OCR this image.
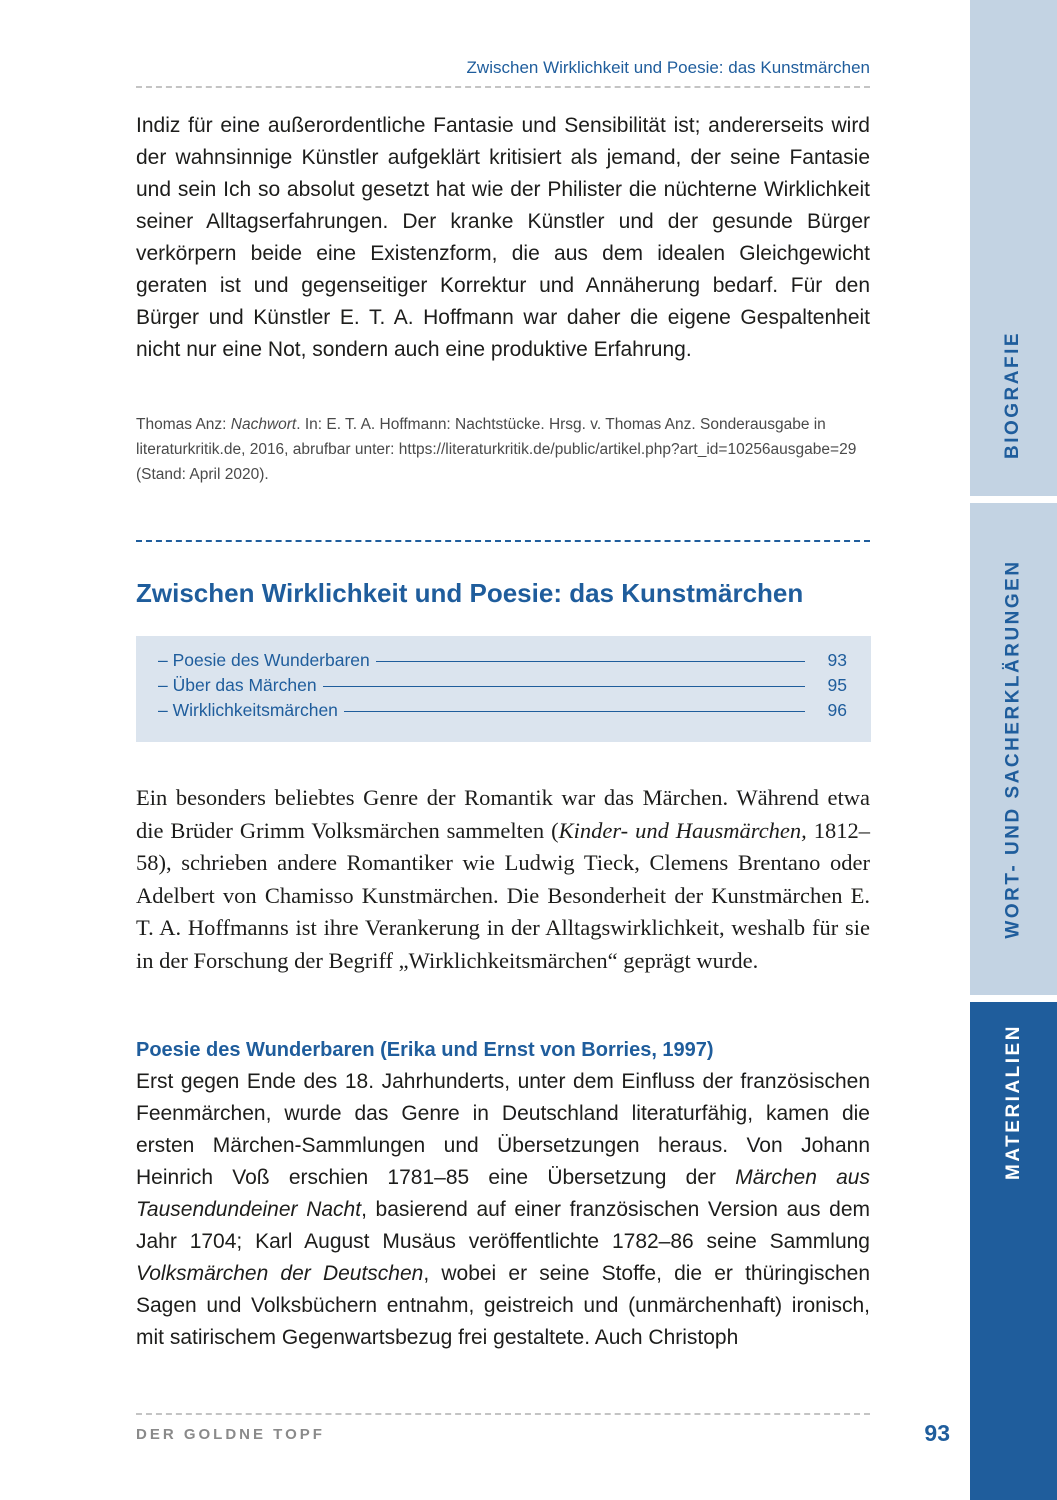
Zwischen Wirklichkeit und Poesie: das Kunstmärchen

Indiz für eine außerordentliche Fantasie und Sensibilität ist; andererseits wird der wahnsinnige Künstler aufgeklärt kritisiert als jemand, der seine Fantasie und sein Ich so absolut gesetzt hat wie der Philister die nüchterne Wirklichkeit seiner Alltagserfahrungen. Der kranke Künstler und der gesunde Bürger verkörpern beide eine Existenzform, die aus dem idealen Gleichgewicht geraten ist und gegenseitiger Korrektur und Annäherung bedarf. Für den Bürger und Künstler E. T. A. Hoffmann war daher die eigene Gespaltenheit nicht nur eine Not, sondern auch eine produktive Erfahrung.

Thomas Anz: Nachwort. In: E. T. A. Hoffmann: Nachtstücke. Hrsg. v. Thomas Anz. Sonderausgabe in literaturkritik.de, 2016, abrufbar unter: https://literaturkritik.de/public/artikel.php?art_id=10256ausgabe=29 (Stand: April 2020).

Zwischen Wirklichkeit und Poesie: das Kunstmärchen
– Poesie des Wunderbaren	93
– Über das Märchen	95
– Wirklichkeitsmärchen	96

Ein besonders beliebtes Genre der Romantik war das Märchen. Während etwa die Brüder Grimm Volksmärchen sammelten (Kinder- und Hausmärchen, 1812–58), schrieben andere Romantiker wie Ludwig Tieck, Clemens Brentano oder Adelbert von Chamisso Kunstmärchen. Die Besonderheit der Kunstmärchen E. T. A. Hoffmanns ist ihre Verankerung in der Alltagswirklichkeit, weshalb für sie in der Forschung der Begriff „Wirklichkeitsmärchen“ geprägt wurde.

Poesie des Wunderbaren (Erika und Ernst von Borries, 1997)

Erst gegen Ende des 18. Jahrhunderts, unter dem Einfluss der französischen Feenmärchen, wurde das Genre in Deutschland literaturfähig, kamen die ersten Märchen-Sammlungen und Übersetzungen heraus. Von Johann Heinrich Voß erschien 1781–85 eine Übersetzung der Märchen aus Tausendundeiner Nacht, basierend auf einer französischen Version aus dem Jahr 1704; Karl August Musäus veröffentlichte 1782–86 seine Sammlung Volksmärchen der Deutschen, wobei er seine Stoffe, die er thüringischen Sagen und Volksbüchern entnahm, geistreich und (unmärchenhaft) ironisch, mit satirischem Gegenwartsbezug frei gestaltete. Auch Christoph

DER GOLDNE TOPF	93
BIOGRAFIE
WORT- UND SACHERKLÄRUNGEN
MATERIALIEN
